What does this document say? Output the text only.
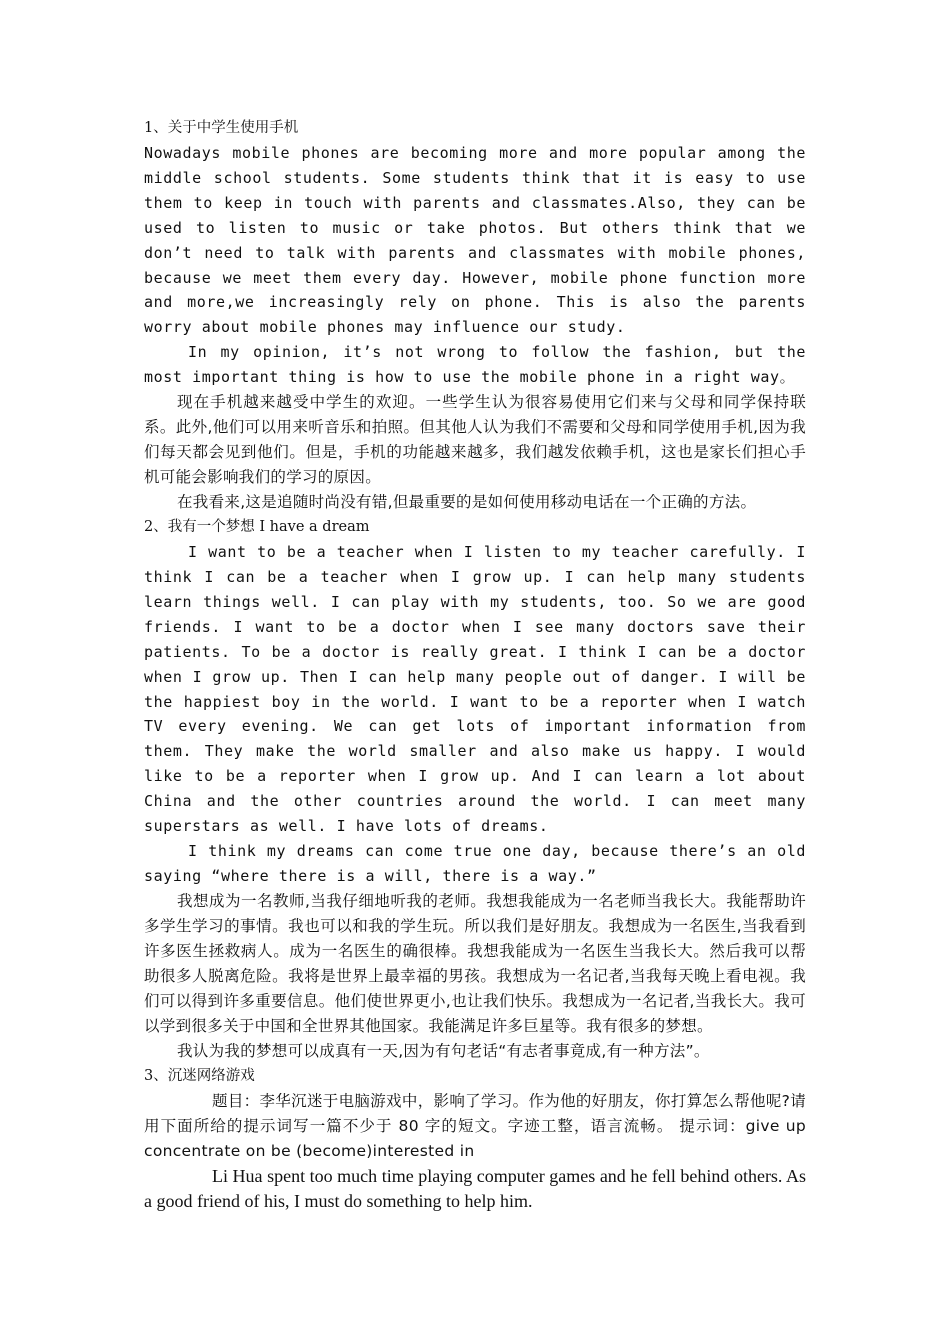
1、关于中学生使用手机

Nowadays mobile phones are becoming more and more popular among the middle school students. Some students think that it is easy to use them to keep in touch with parents and classmates.Also, they can be used to listen to music or take photos. But others think that we don’t need to talk with parents and classmates with mobile phones, because we meet them every day. However, mobile phone function more and more,we increasingly rely on phone. This is also the parents worry about mobile phones may influence our study.

In my opinion, it’s not wrong to follow the fashion, but the most important thing is how to use the mobile phone in a right way。

现在手机越来越受中学生的欢迎。一些学生认为很容易使用它们来与父母和同学保持联系。此外,他们可以用来听音乐和拍照。但其他人认为我们不需要和父母和同学使用手机,因为我们每天都会见到他们。但是，手机的功能越来越多，我们越发依赖手机，这也是家长们担心手机可能会影响我们的学习的原因。

在我看来,这是追随时尚没有错,但最重要的是如何使用移动电话在一个正确的方法。

2、我有一个梦想 I have a dream

I want to be a teacher when I listen to my teacher carefully. I think I can be a teacher when I grow up. I can help many students learn things well. I can play with my students, too. So we are good friends. I want to be a doctor when I see many doctors save their patients. To be a doctor is really great. I think I can be a doctor when I grow up. Then I can help many people out of danger. I will be the happiest boy in the world. I want to be a reporter when I watch TV every evening. We can get lots of important information from them. They make the world smaller and also make us happy. I would like to be a reporter when I grow up. And I can learn a lot about China and the other countries around the world. I can meet many superstars as well. I have lots of dreams.

I think my dreams can come true one day, because there’s an old saying “where there is a will, there is a way.”

我想成为一名教师,当我仔细地听我的老师。我想我能成为一名老师当我长大。我能帮助许多学生学习的事情。我也可以和我的学生玩。所以我们是好朋友。我想成为一名医生,当我看到许多医生拯救病人。成为一名医生的确很棒。我想我能成为一名医生当我长大。然后我可以帮助很多人脱离危险。我将是世界上最幸福的男孩。我想成为一名记者,当我每天晚上看电视。我们可以得到许多重要信息。他们使世界更小,也让我们快乐。我想成为一名记者,当我长大。我可以学到很多关于中国和全世界其他国家。我能满足许多巨星等。我有很多的梦想。

我认为我的梦想可以成真有一天,因为有句老话“有志者事竟成,有一种方法”。

3、沉迷网络游戏

题目：李华沉迷于电脑游戏中，影响了学习。作为他的好朋友，你打算怎么帮他呢?请用下面所给的提示词写一篇不少于 80 字的短文。字迹工整，语言流畅。 提示词：give up concentrate on be (become)interested in

Li Hua spent too much time playing computer games and he fell behind others. As a good friend of his, I must do something to help him.
